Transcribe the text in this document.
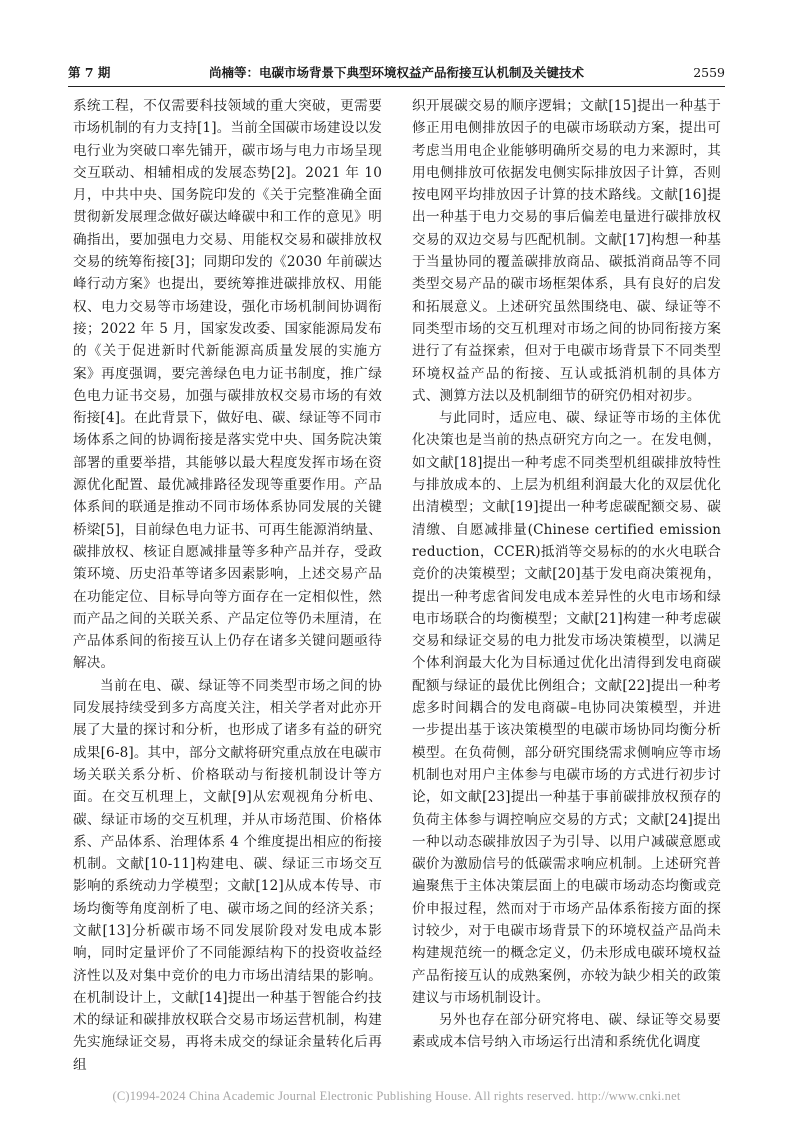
第 7 期	尚楠等：电碳市场背景下典型环境权益产品衔接互认机制及关键技术	2559

系统工程，不仅需要科技领域的重大突破，更需要市场机制的有力支持[1]。当前全国碳市场建设以发电行业为突破口率先铺开，碳市场与电力市场呈现交互联动、相辅相成的发展态势[2]。2021 年 10 月，中共中央、国务院印发的《关于完整准确全面贯彻新发展理念做好碳达峰碳中和工作的意见》明确指出，要加强电力交易、用能权交易和碳排放权交易的统筹衔接[3]；同期印发的《2030 年前碳达峰行动方案》也提出，要统筹推进碳排放权、用能权、电力交易等市场建设，强化市场机制间协调衔接；2022 年 5 月，国家发改委、国家能源局发布的《关于促进新时代新能源高质量发展的实施方案》再度强调，要完善绿色电力证书制度，推广绿色电力证书交易，加强与碳排放权交易市场的有效衔接[4]。在此背景下，做好电、碳、绿证等不同市场体系之间的协调衔接是落实党中央、国务院决策部署的重要举措，其能够以最大程度发挥市场在资源优化配置、最优减排路径发现等重要作用。产品体系间的联通是推动不同市场体系协同发展的关键桥梁[5]，目前绿色电力证书、可再生能源消纳量、碳排放权、核证自愿减排量等多种产品并存，受政策环境、历史沿革等诸多因素影响，上述交易产品在功能定位、目标导向等方面存在一定相似性，然而产品之间的关联关系、产品定位等仍未厘清，在产品体系间的衔接互认上仍存在诸多关键问题亟待解决。

当前在电、碳、绿证等不同类型市场之间的协同发展持续受到多方高度关注，相关学者对此亦开展了大量的探讨和分析，也形成了诸多有益的研究成果[6-8]。其中，部分文献将研究重点放在电碳市场关联关系分析、价格联动与衔接机制设计等方面。在交互机理上，文献[9]从宏观视角分析电、碳、绿证市场的交互机理，并从市场范围、价格体系、产品体系、治理体系 4 个维度提出相应的衔接机制。文献[10-11]构建电、碳、绿证三市场交互影响的系统动力学模型；文献[12]从成本传导、市场均衡等角度剖析了电、碳市场之间的经济关系；文献[13]分析碳市场不同发展阶段对发电成本影响，同时定量评价了不同能源结构下的投资收益经济性以及对集中竞价的电力市场出清结果的影响。在机制设计上，文献[14]提出一种基于智能合约技术的绿证和碳排放权联合交易市场运营机制，构建先实施绿证交易，再将未成交的绿证余量转化后再组

织开展碳交易的顺序逻辑；文献[15]提出一种基于修正用电侧排放因子的电碳市场联动方案，提出可考虑当用电企业能够明确所交易的电力来源时，其用电侧排放可依据发电侧实际排放因子计算，否则按电网平均排放因子计算的技术路线。文献[16]提出一种基于电力交易的事后偏差电量进行碳排放权交易的双边交易与匹配机制。文献[17]构想一种基于当量协同的覆盖碳排放商品、碳抵消商品等不同类型交易产品的碳市场框架体系，具有良好的启发和拓展意义。上述研究虽然围绕电、碳、绿证等不同类型市场的交互机理对市场之间的协同衔接方案进行了有益探索，但对于电碳市场背景下不同类型环境权益产品的衔接、互认或抵消机制的具体方式、测算方法以及机制细节的研究仍相对初步。

与此同时，适应电、碳、绿证等市场的主体优化决策也是当前的热点研究方向之一。在发电侧，如文献[18]提出一种考虑不同类型机组碳排放特性与排放成本的、上层为机组利润最大化的双层优化出清模型；文献[19]提出一种考虑碳配额交易、碳清缴、自愿减排量(Chinese certified emission reduction，CCER)抵消等交易标的的水火电联合竞价的决策模型；文献[20]基于发电商决策视角，提出一种考虑省间发电成本差异性的火电市场和绿电市场联合的均衡模型；文献[21]构建一种考虑碳交易和绿证交易的电力批发市场决策模型，以满足个体利润最大化为目标通过优化出清得到发电商碳配额与绿证的最优比例组合；文献[22]提出一种考虑多时间耦合的发电商碳–电协同决策模型，并进一步提出基于该决策模型的电碳市场协同均衡分析模型。在负荷侧，部分研究围绕需求侧响应等市场机制也对用户主体参与电碳市场的方式进行初步讨论，如文献[23]提出一种基于事前碳排放权预存的负荷主体参与调控响应交易的方式；文献[24]提出一种以动态碳排放因子为引导、以用户减碳意愿或碳价为激励信号的低碳需求响应机制。上述研究普遍聚焦于主体决策层面上的电碳市场动态均衡或竞价申报过程，然而对于市场产品体系衔接方面的探讨较少，对于电碳市场背景下的环境权益产品尚未构建规范统一的概念定义，仍未形成电碳环境权益产品衔接互认的成熟案例，亦较为缺少相关的政策建议与市场机制设计。

另外也存在部分研究将电、碳、绿证等交易要素或成本信号纳入市场运行出清和系统优化调度

(C)1994-2024 China Academic Journal Electronic Publishing House. All rights reserved. http://www.cnki.net
